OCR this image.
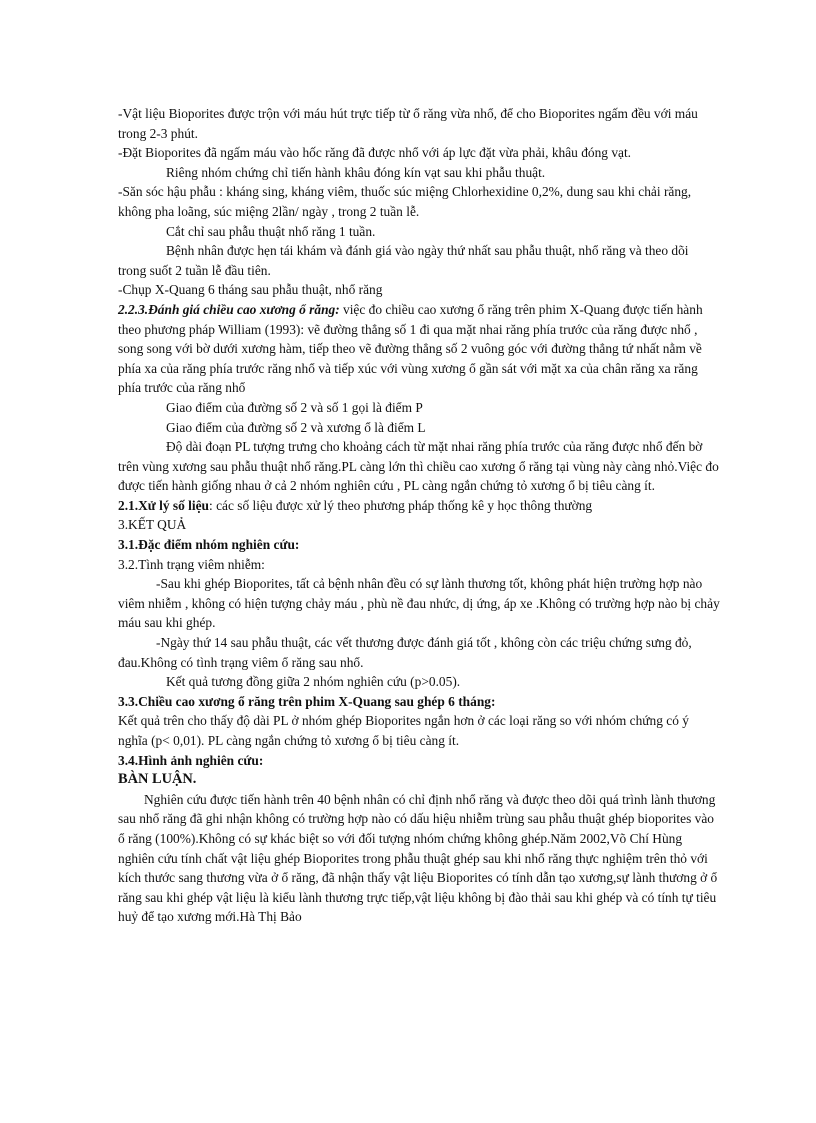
-Vật liệu Bioporites được trộn với máu hút trực tiếp từ ổ răng vừa nhổ, để cho Bioporites ngấm đều với máu trong 2-3 phút.

-Đặt Bioporites đã ngấm máu vào hốc răng đã được nhổ với áp lực đặt vừa phải, khâu đóng vạt.

Riêng nhóm chứng chỉ tiến hành khâu đóng kín vạt sau khi phẫu thuật.

-Săn sóc hậu phẫu : kháng sing, kháng viêm, thuốc súc miệng Chlorhexidine 0,2%, dung sau khi chải răng, không pha loãng, súc miệng 2lần/ ngày , trong 2 tuần lễ.

Cắt chỉ sau phẫu thuật nhổ răng 1 tuần.

Bệnh nhân được hẹn tái khám và đánh giá vào ngày thứ nhất sau phẫu thuật, nhổ răng và theo dõi trong suốt 2 tuần lễ đầu tiên.

-Chụp X-Quang 6 tháng sau phẫu thuật, nhổ răng

2.2.3.Đánh giá chiều cao xương ổ răng: việc đo chiều cao xương ổ răng trên phim X-Quang được tiến hành theo phương pháp William (1993): vẽ đường thẳng số 1 đi qua mặt nhai răng phía trước của răng được nhổ , song song với bờ dưới xương hàm, tiếp theo vẽ đường thẳng số 2 vuông góc với đường thẳng tứ nhất nằm về phía xa của răng phía trước răng nhổ và tiếp xúc với vùng xương ổ gần sát với mặt xa của chân răng xa răng phía trước của răng nhổ

Giao điểm của đường số 2 và số 1 gọi là điểm P

Giao điểm của đường số 2 và xương ổ là điểm L

Độ dài đoạn PL tượng trưng cho khoảng cách từ mặt nhai răng phía trước của răng được nhổ đến bờ trên vùng xương sau phẫu thuật nhổ răng.PL càng lớn thì chiều cao xương ổ răng tại vùng này càng nhỏ.Việc đo được tiến hành giống nhau ở cả 2 nhóm nghiên cứu , PL càng ngắn chứng tỏ xương ổ bị tiêu càng ít.

2.1.Xử lý số liệu: các số liệu được xử lý theo phương pháp thống kê y học thông thường

3.KẾT QUẢ

3.1.Đặc điểm nhóm nghiên cứu:

3.2.Tình trạng viêm nhiễm:

-Sau khi ghép Bioporites, tất cả bệnh nhân đều có sự lành thương tốt, không phát hiện trường hợp nào viêm nhiễm , không có hiện tượng chảy máu , phù nề đau nhức, dị ứng, áp xe .Không có trường hợp nào bị chảy máu sau khi ghép.

-Ngày thứ 14 sau phẫu thuật, các vết thương được đánh giá tốt , không còn các triệu chứng sưng đỏ, đau.Không có tình trạng viêm ổ răng sau nhổ.

Kết quả tương đồng giữa 2 nhóm nghiên cứu (p>0.05).

3.3.Chiều cao xương ổ răng trên phim X-Quang sau ghép 6 tháng:

Kết quả trên cho thấy độ dài PL ở nhóm ghép Bioporites ngắn hơn ở các loại răng so với nhóm chứng có ý nghĩa (p< 0,01). PL càng ngắn chứng tỏ xương ổ bị tiêu càng ít.

3.4.Hình ảnh nghiên cứu:

BÀN LUẬN.

Nghiên cứu được tiến hành trên 40 bệnh nhân có chỉ định nhổ răng và được theo dõi quá trình lành thương sau nhổ răng đã ghi nhận không có trường hợp nào có dấu hiệu nhiễm trùng sau phẫu thuật ghép bioporites vào ổ răng (100%).Không có sự khác biệt so với đối tượng nhóm chứng không ghép.Năm 2002,Võ Chí Hùng nghiên cứu tính chất vật liệu ghép Bioporites trong phẫu thuật ghép sau khi nhổ răng thực nghiệm trên thỏ với kích thước sang thương vừa ở ổ răng, đã nhận thấy vật liệu Bioporites có tính dẫn tạo xương,sự lành thương ở ổ răng sau khi ghép vật liệu là kiểu lành thương trực tiếp,vật liệu không bị đào thải sau khi ghép và có tính tự tiêu huỷ để tạo xương mới.Hà Thị Bảo
